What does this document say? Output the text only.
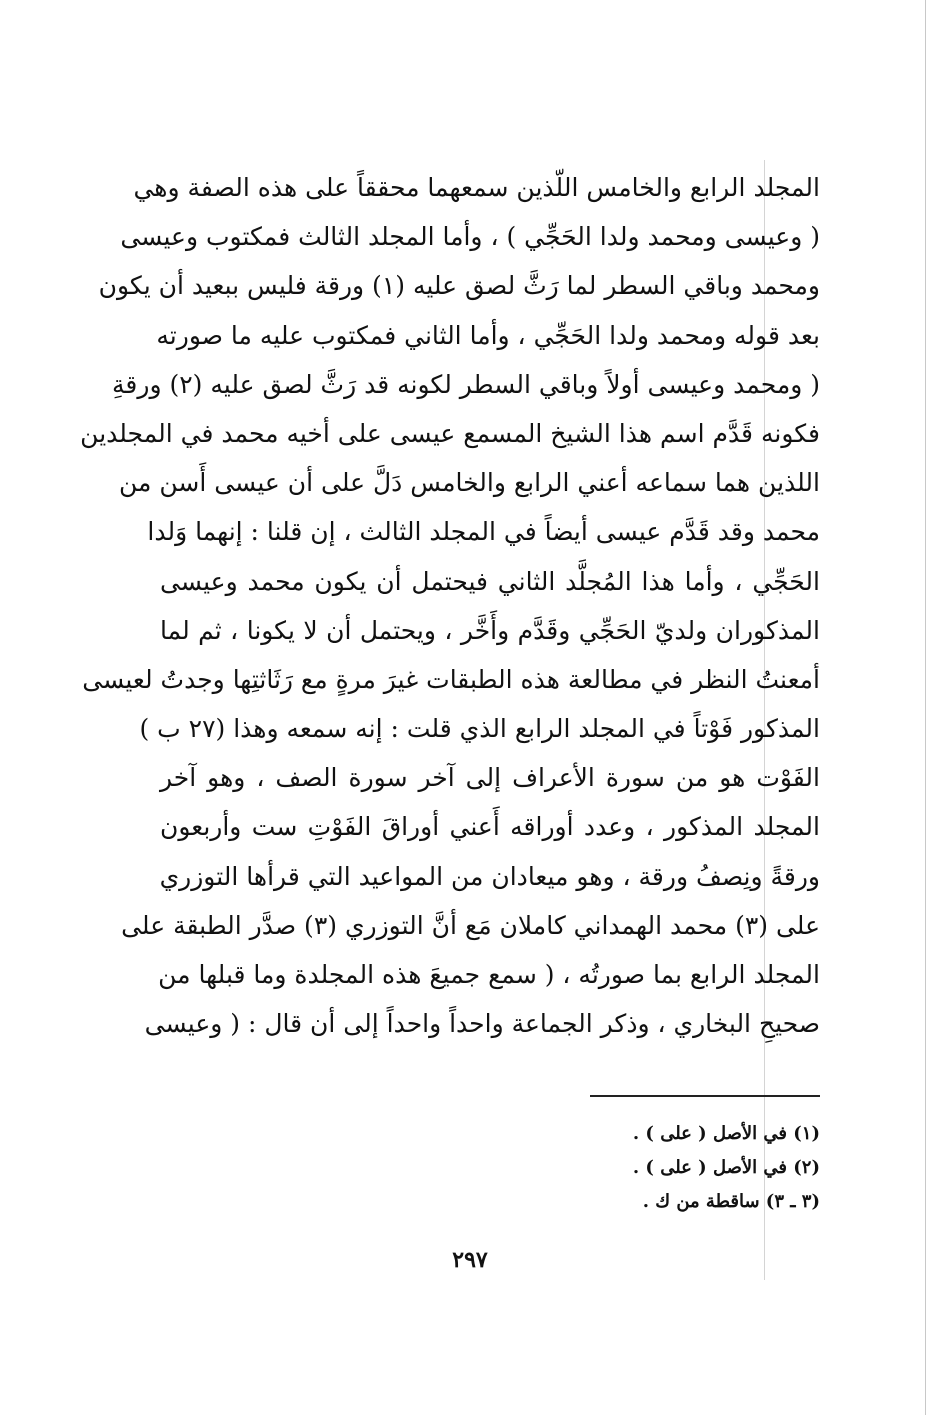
المجلد الرابع والخامس اللّذين سمعهما محققاً على هذه الصفة وهي
( وعيسى ومحمد ولدا الحَجِّي ) ، وأما المجلد الثالث فمكتوب وعيسى
ومحمد وباقي السطر لما رَثَّ لصق عليه (١) ورقة فليس ببعيد أن يكون
بعد قوله ومحمد ولدا الحَجِّي ، وأما الثاني فمكتوب عليه ما صورته
( ومحمد وعيسى أولاً وباقي السطر لكونه قد رَثَّ لصق عليه (٢) ورقةِ
فكونه قَدَّم اسم هذا الشيخ المسمع عيسى على أخيه محمد في المجلدين
اللذين هما سماعه أعني الرابع والخامس دَلَّ على أن عيسى أَسن من
محمد وقد قَدَّم عيسى أيضاً في المجلد الثالث ، إن قلنا : إنهما وَلدا
الحَجِّي ، وأما هذا المُجلَّد الثاني فيحتمل أن يكون محمد وعيسى
المذكوران ولديّ الحَجِّي وقَدَّم وأَخَّر ، ويحتمل أن لا يكونا ، ثم لما
أمعنتُ النظر في مطالعة هذه الطبقات غيرَ مرةٍ مع رَثَاثتِها وجدتُ لعيسى
المذكور فَوْتاً في المجلد الرابع الذي قلت : إنه سمعه وهذا (٢٧ ب )
الفَوْت هو من سورة الأعراف إلى آخر سورة الصف ، وهو آخر
المجلد المذكور ، وعدد أوراقه أَعني أوراقَ الفَوْتِ ست وأربعون
ورقةً ونِصفُ ورقة ، وهو ميعادان من المواعيد التي قرأها التوزري
على (٣) محمد الهمداني كاملان مَع أنَّ التوزري (٣) صدَّر الطبقة على
المجلد الرابع بما صورتُه ، ( سمع جميعَ هذه المجلدة وما قبلها من
صحيحِ البخاري ، وذكر الجماعة واحداً واحداً إلى أن قال : ( وعيسى
(١) في الأصل ( على ) .
(٢) في الأصل ( على ) .
(٣ ـ ٣) ساقطة من ك .
٢٩٧
